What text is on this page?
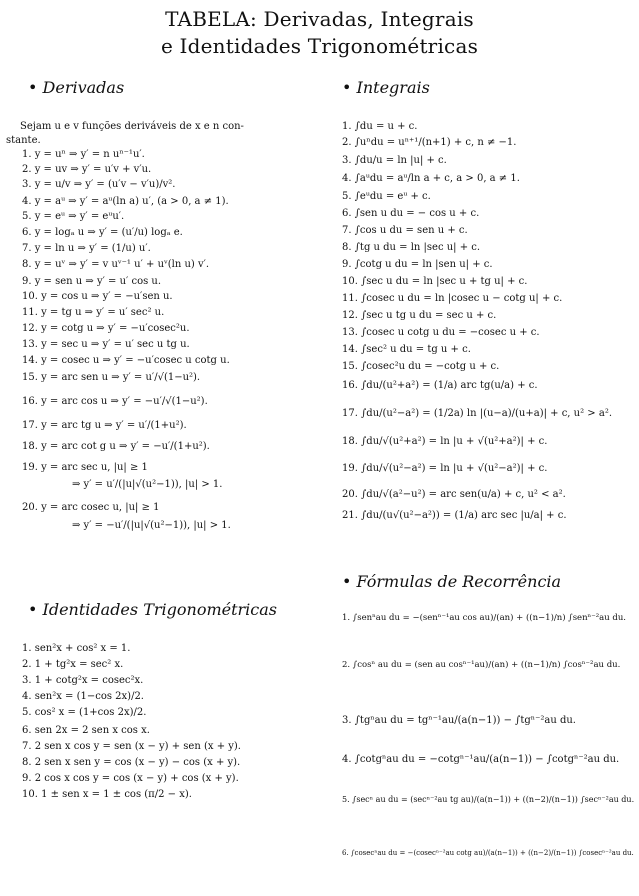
TABELA: Derivadas, Integrais
e Identidades Trigonométricas
• Derivadas
Sejam u e v funções deriváveis de x e n con-
stante.
1. y = uⁿ ⇒ y′ = n uⁿ⁻¹u′.
2. y = uv ⇒ y′ = u′v + v′u.
3. y = u/v ⇒ y′ = (u′v − v′u)/v².
4. y = aᵘ ⇒ y′ = aᵘ(ln a) u′, (a > 0, a ≠ 1).
5. y = eᵘ ⇒ y′ = eᵘu′.
6. y = logₐ u ⇒ y′ = (u′/u) logₐ e.
7. y = ln u ⇒ y′ = (1/u) u′.
8. y = uᵛ ⇒ y′ = v uᵛ⁻¹ u′ + uᵛ(ln u) v′.
9. y = sen u ⇒ y′ = u′ cos u.
10. y = cos u ⇒ y′ = −u′sen u.
11. y = tg u ⇒ y′ = u′ sec² u.
12. y = cotg u ⇒ y′ = −u′cosec²u.
13. y = sec u ⇒ y′ = u′ sec u tg u.
14. y = cosec u ⇒ y′ = −u′cosec u cotg u.
15. y = arc sen u ⇒ y′ = u′/√(1−u²).
16. y = arc cos u ⇒ y′ = −u′/√(1−u²).
17. y = arc tg u ⇒ y′ = u′/(1+u²).
18. y = arc cot g u ⇒ y′ = −u′/(1+u²).
19. y = arc sec u, |u| ≥ 1
⇒ y′ = u′/(|u|√(u²−1)), |u| > 1.
20. y = arc cosec u, |u| ≥ 1
⇒ y′ = −u′/(|u|√(u²−1)), |u| > 1.
• Identidades Trigonométricas
1. sen²x + cos² x = 1.
2. 1 + tg²x = sec² x.
3. 1 + cotg²x = cosec²x.
4. sen²x = (1−cos 2x)/2.
5. cos² x = (1+cos 2x)/2.
6. sen 2x = 2 sen x cos x.
7. 2 sen x cos y = sen (x − y) + sen (x + y).
8. 2 sen x sen y = cos (x − y) − cos (x + y).
9. 2 cos x cos y = cos (x − y) + cos (x + y).
10. 1 ± sen x = 1 ± cos (π/2 − x).
• Integrais
1. ∫du = u + c.
2. ∫uⁿdu = uⁿ⁺¹/(n+1) + c, n ≠ −1.
3. ∫du/u = ln |u| + c.
4. ∫aᵘdu = aᵘ/ln a + c, a > 0, a ≠ 1.
5. ∫eᵘdu = eᵘ + c.
6. ∫sen u du = − cos u + c.
7. ∫cos u du = sen u + c.
8. ∫tg u du = ln |sec u| + c.
9. ∫cotg u du = ln |sen u| + c.
10. ∫sec u du = ln |sec u + tg u| + c.
11. ∫cosec u du = ln |cosec u − cotg u| + c.
12. ∫sec u tg u du = sec u + c.
13. ∫cosec u cotg u du = −cosec u + c.
14. ∫sec² u du = tg u + c.
15. ∫cosec²u du = −cotg u + c.
16. ∫du/(u²+a²) = (1/a) arc tg(u/a) + c.
17. ∫du/(u²−a²) = (1/2a) ln |(u−a)/(u+a)| + c, u² > a².
18. ∫du/√(u²+a²) = ln |u + √(u²+a²)| + c.
19. ∫du/√(u²−a²) = ln |u + √(u²−a²)| + c.
20. ∫du/√(a²−u²) = arc sen(u/a) + c, u² < a².
21. ∫du/(u√(u²−a²)) = (1/a) arc sec |u/a| + c.
• Fórmulas de Recorrência
1. ∫senⁿau du = −(senⁿ⁻¹au cos au)/(an) + ((n−1)/n) ∫senⁿ⁻²au du.
2. ∫cosⁿ au du = (sen au cosⁿ⁻¹au)/(an) + ((n−1)/n) ∫cosⁿ⁻²au du.
3. ∫tgⁿau du = tgⁿ⁻¹au/(a(n−1)) − ∫tgⁿ⁻²au du.
4. ∫cotgⁿau du = −cotgⁿ⁻¹au/(a(n−1)) − ∫cotgⁿ⁻²au du.
5. ∫secⁿ au du = (secⁿ⁻²au tg au)/(a(n−1)) + ((n−2)/(n−1)) ∫secⁿ⁻²au du.
6. ∫cosecⁿau du = −(cosecⁿ⁻²au cotg au)/(a(n−1)) + ((n−2)/(n−1)) ∫cosecⁿ⁻²au du.
